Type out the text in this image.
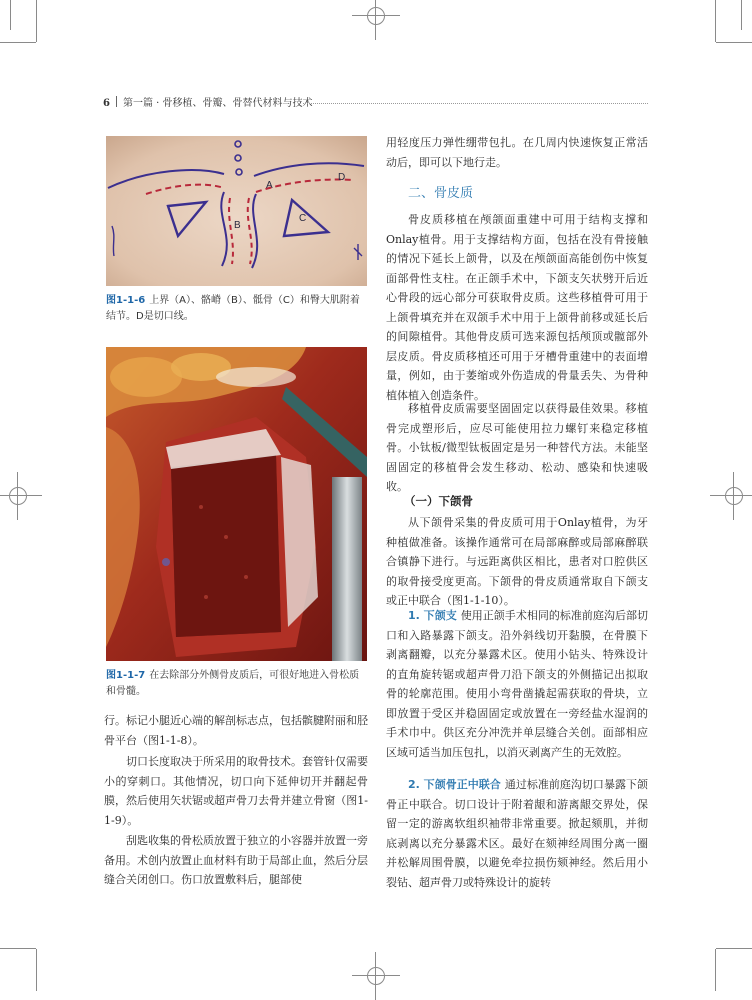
6 第一篇 · 骨移植、骨瓣、骨替代材料与技术
A
B
C
D
图1-1-6 上界（A）、骼嵴（B）、骶骨（C）和臀大肌附着结节。D是切口线。
图1-1-7 在去除部分外侧骨皮质后，可很好地进入骨松质和骨髓。

行。标记小腿近心端的解剖标志点，包括髌腱附丽和胫骨平台（图1-1-8）。

切口长度取决于所采用的取骨技术。套管针仅需要小的穿刺口。其他情况，切口向下延伸切开并翻起骨膜，然后使用矢状锯或超声骨刀去骨并建立骨窗（图1-1-9）。

刮匙收集的骨松质放置于独立的小容器并放置一旁备用。术创内放置止血材料有助于局部止血，然后分层缝合关闭创口。伤口放置敷料后，腿部使

用轻度压力弹性绷带包扎。在几周内快速恢复正常活动后，即可以下地行走。

二、骨皮质

骨皮质移植在颅颌面重建中可用于结构支撑和Onlay植骨。用于支撑结构方面，包括在没有骨接触的情况下延长上颌骨，以及在颅颌面高能创伤中恢复面部骨性支柱。在正颌手术中，下颌支矢状劈开后近心骨段的远心部分可获取骨皮质。这些移植骨可用于上颌骨填充并在双颌手术中用于上颌骨前移或延长后的间隙植骨。其他骨皮质可选来源包括颅顶或髋部外层皮质。骨皮质移植还可用于牙槽骨重建中的表面增量，例如，由于萎缩或外伤造成的骨量丢失、为骨种植体植入创造条件。

移植骨皮质需要坚固固定以获得最佳效果。移植骨完成塑形后，应尽可能使用拉力螺钉来稳定移植骨。小钛板/微型钛板固定是另一种替代方法。未能坚固固定的移植骨会发生移动、松动、感染和快速吸收。

（一）下颌骨

从下颌骨采集的骨皮质可用于Onlay植骨，为牙种植做准备。该操作通常可在局部麻醉或局部麻醉联合镇静下进行。与远距离供区相比，患者对口腔供区的取骨接受度更高。下颌骨的骨皮质通常取自下颌支或正中联合（图1-1-10）。

1. 下颌支 使用正颌手术相同的标准前庭沟后部切口和入路暴露下颌支。沿外斜线切开黏膜，在骨膜下剥离翻瓣，以充分暴露术区。使用小钻头、特殊设计的直角旋转锯或超声骨刀沿下颌支的外侧描记出拟取骨的轮廓范围。使用小弯骨凿撬起需获取的骨块，立即放置于受区并稳固固定或放置在一旁经盐水湿润的手术巾中。供区充分冲洗并单层缝合关创。面部相应区域可适当加压包扎，以消灭剥离产生的无效腔。

2. 下颌骨正中联合 通过标准前庭沟切口暴露下颌骨正中联合。切口设计于附着龈和游离龈交界处，保留一定的游离软组织袖带非常重要。掀起颏肌，并彻底剥离以充分暴露术区。最好在颏神经周围分离一圈并松解周围骨膜，以避免牵拉损伤颏神经。然后用小裂钻、超声骨刀或特殊设计的旋转
